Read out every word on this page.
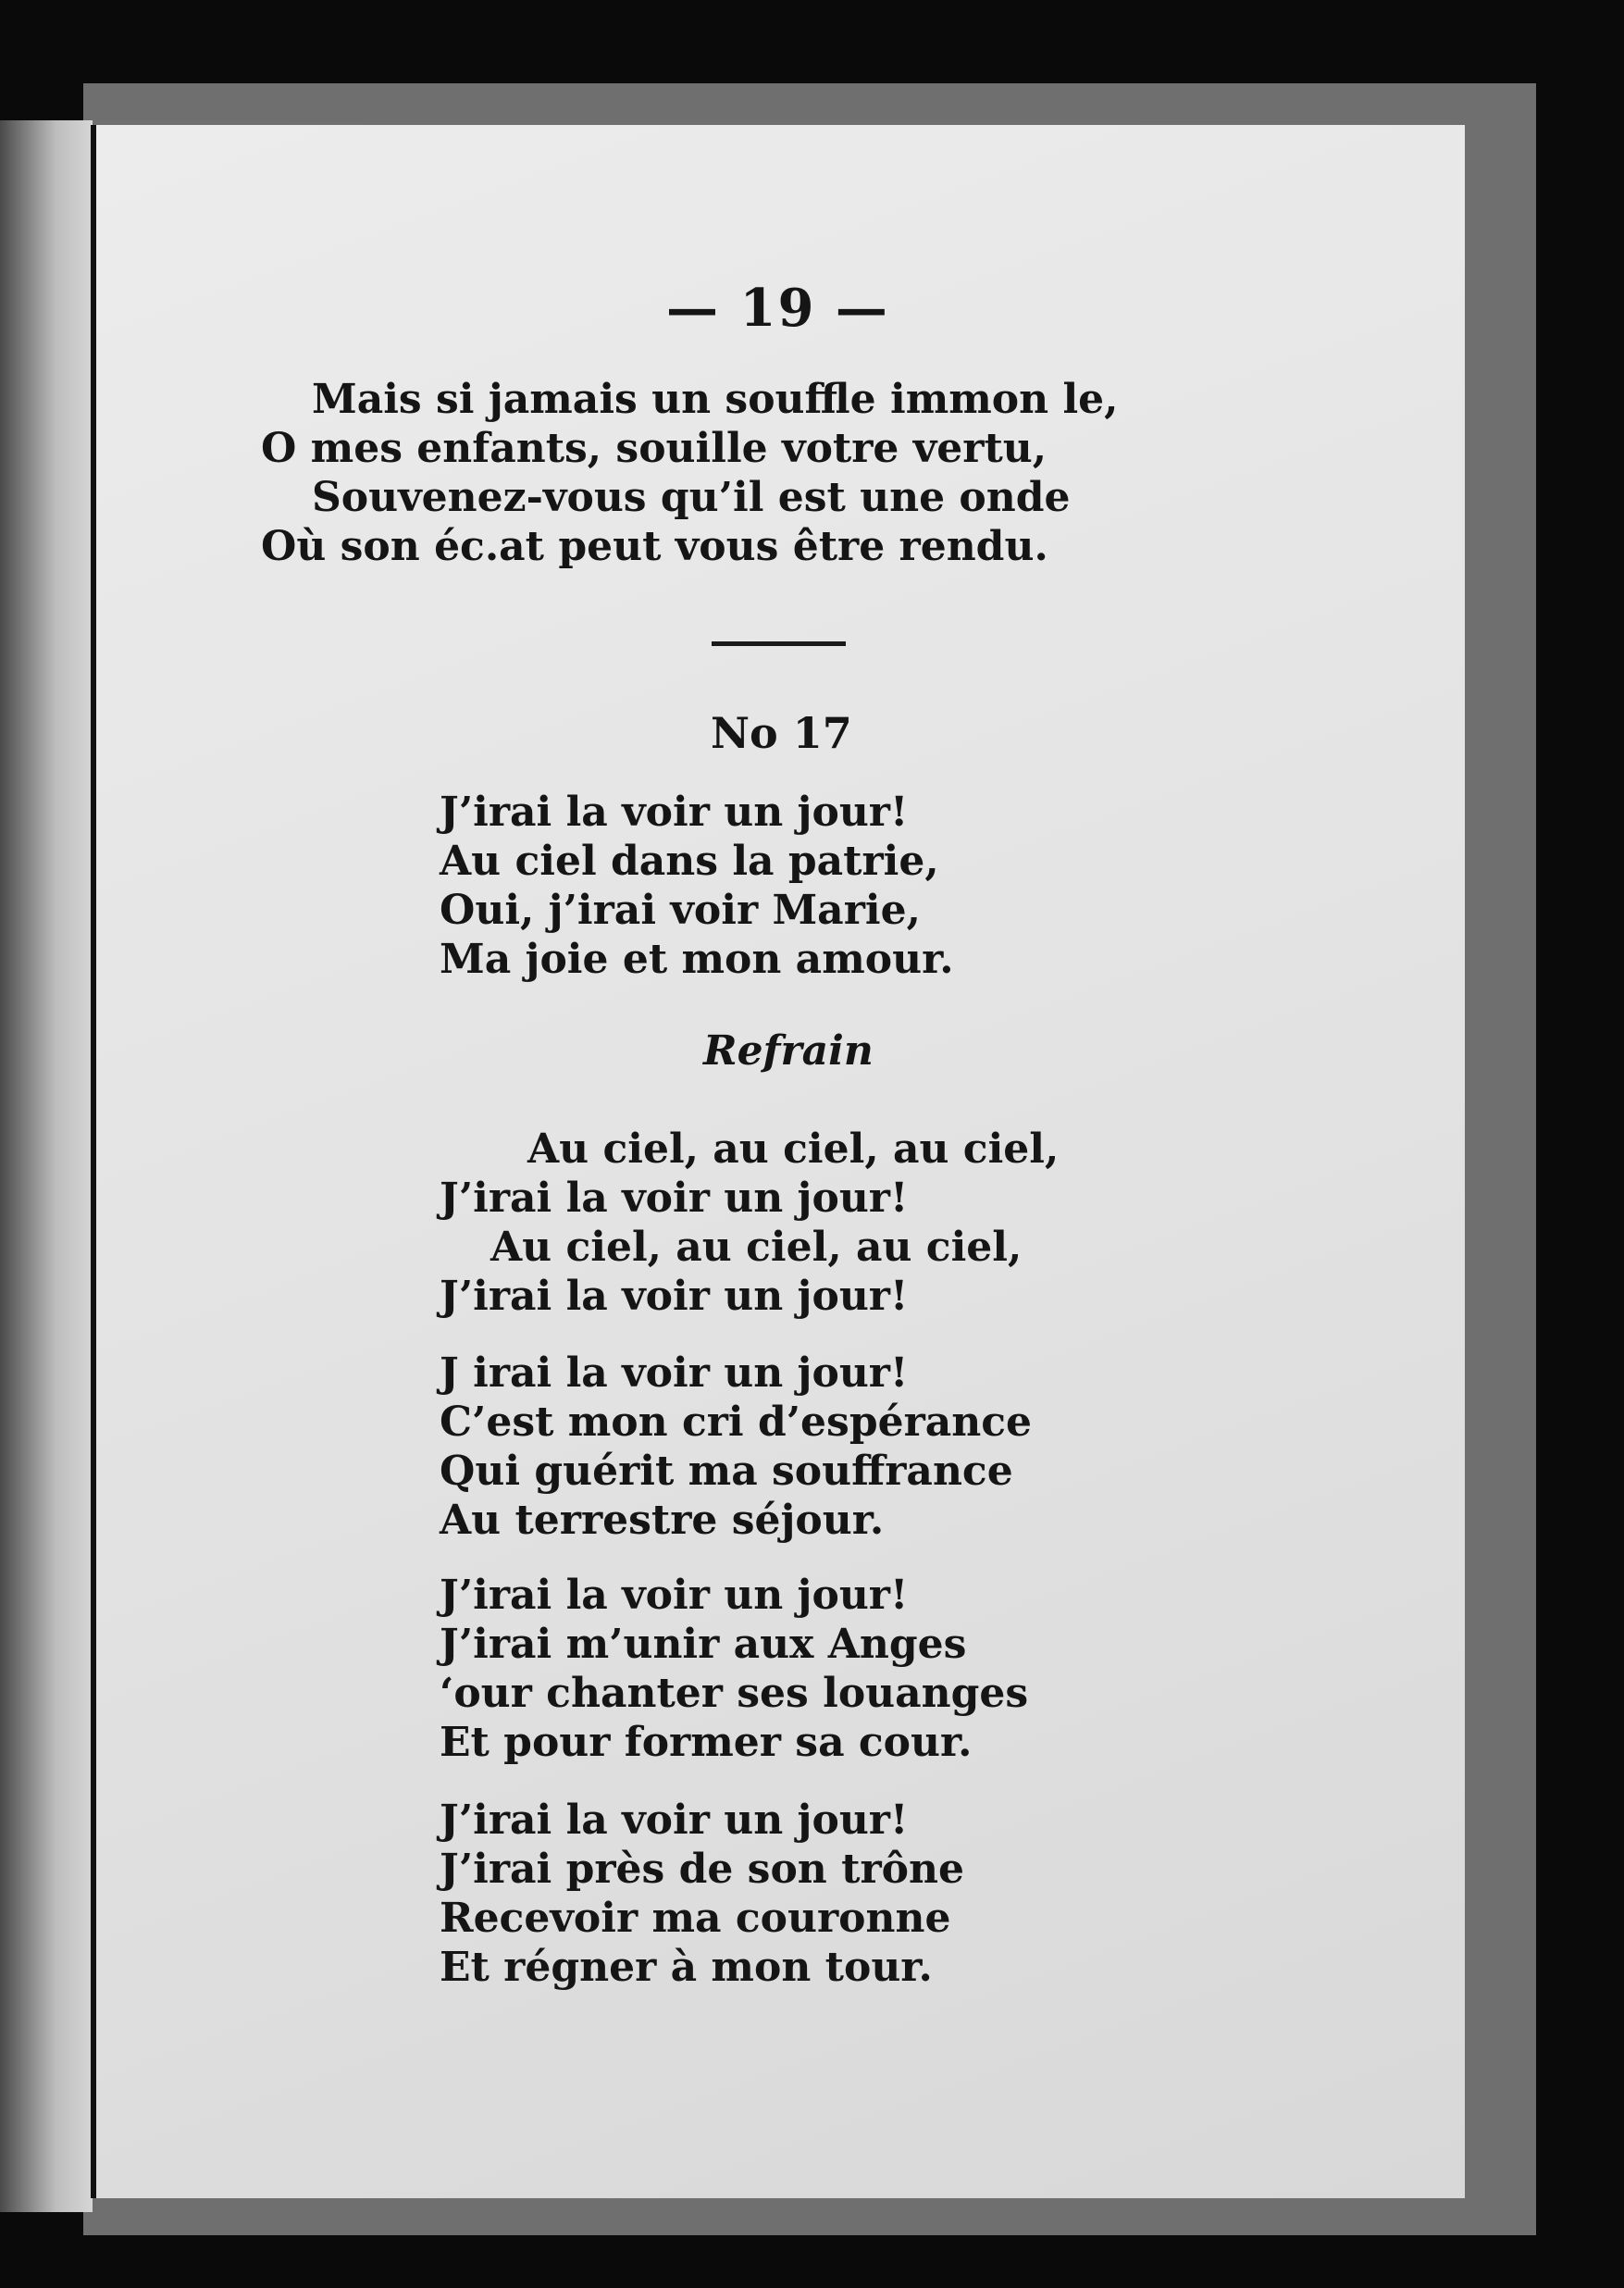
— 19 —
Mais si jamais un souffle immon le,
O mes enfants, souille votre vertu,
Souvenez-vous qu’il est une onde
Où son éc.at peut vous être rendu.
No 17
J’irai la voir un jour!
Au ciel dans la patrie,
Oui, j’irai voir Marie,
Ma joie et mon amour.
Refrain
Au ciel, au ciel, au ciel,
J’irai la voir un jour!
Au ciel, au ciel, au ciel,
J’irai la voir un jour!
J irai la voir un jour!
C’est mon cri d’espérance
Qui guérit ma souffrance
Au terrestre séjour.
J’irai la voir un jour!
J’irai m’unir aux Anges
‘our chanter ses louanges
Et pour former sa cour.
J’irai la voir un jour!
J’irai près de son trône
Recevoir ma couronne
Et régner à mon tour.
